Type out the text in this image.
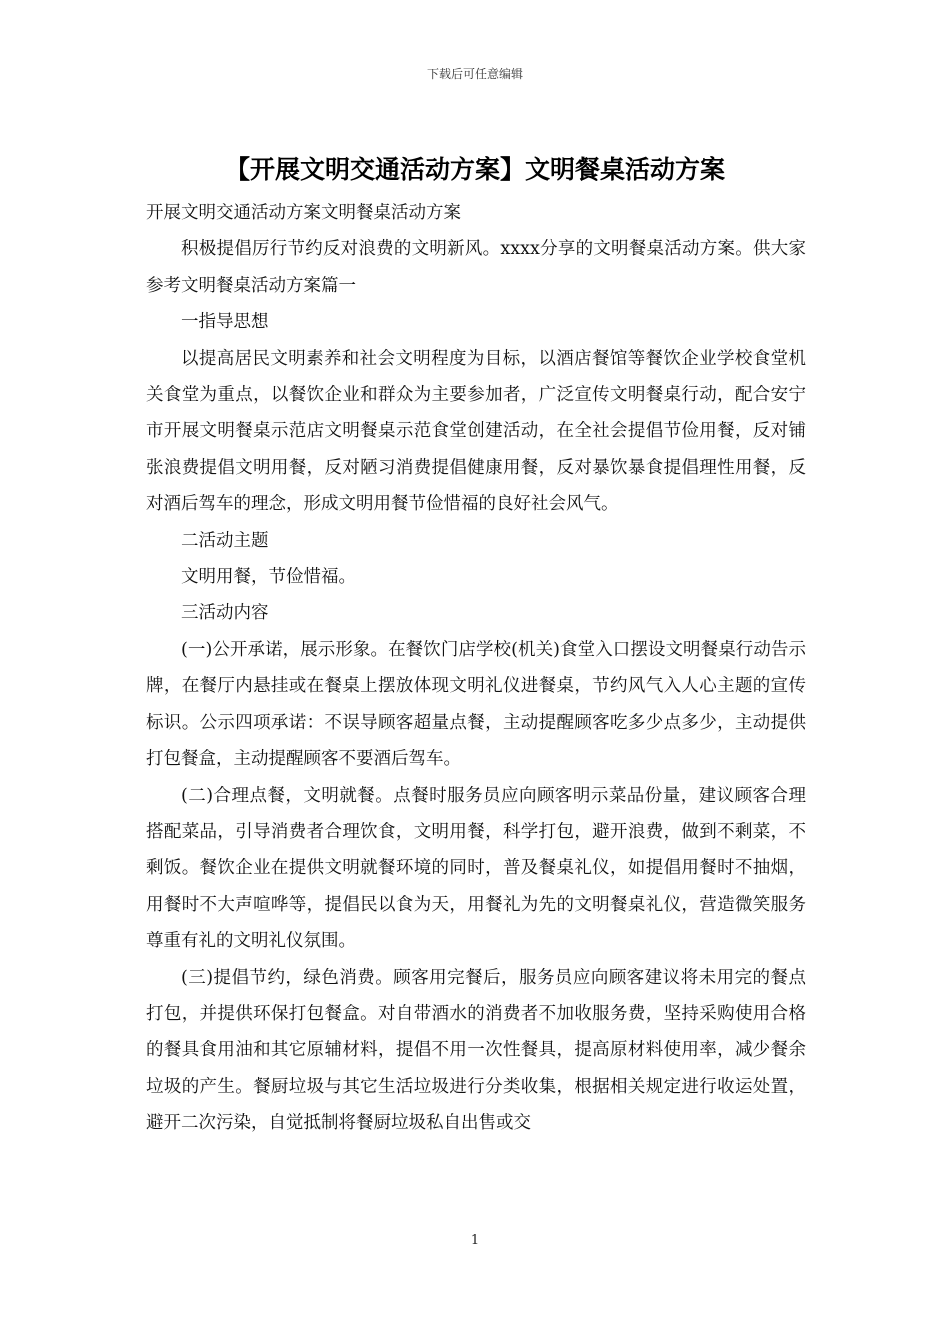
下载后可任意编辑
【开展文明交通活动方案】文明餐桌活动方案

开展文明交通活动方案文明餐桌活动方案

积极提倡厉行节约反对浪费的文明新风。xxxx分享的文明餐桌活动方案。供大家参考文明餐桌活动方案篇一

一指导思想

以提高居民文明素养和社会文明程度为目标，以酒店餐馆等餐饮企业学校食堂机关食堂为重点，以餐饮企业和群众为主要参加者，广泛宣传文明餐桌行动，配合安宁市开展文明餐桌示范店文明餐桌示范食堂创建活动，在全社会提倡节俭用餐，反对铺张浪费提倡文明用餐，反对陋习消费提倡健康用餐，反对暴饮暴食提倡理性用餐，反对酒后驾车的理念，形成文明用餐节俭惜福的良好社会风气。

二活动主题

文明用餐，节俭惜福。

三活动内容

(一)公开承诺，展示形象。在餐饮门店学校(机关)食堂入口摆设文明餐桌行动告示牌，在餐厅内悬挂或在餐桌上摆放体现文明礼仪进餐桌，节约风气入人心主题的宣传标识。公示四项承诺：不误导顾客超量点餐，主动提醒顾客吃多少点多少，主动提供打包餐盒，主动提醒顾客不要酒后驾车。

(二)合理点餐，文明就餐。点餐时服务员应向顾客明示菜品份量，建议顾客合理搭配菜品，引导消费者合理饮食，文明用餐，科学打包，避开浪费，做到不剩菜，不剩饭。餐饮企业在提供文明就餐环境的同时，普及餐桌礼仪，如提倡用餐时不抽烟，用餐时不大声喧哗等，提倡民以食为天，用餐礼为先的文明餐桌礼仪，营造微笑服务尊重有礼的文明礼仪氛围。

(三)提倡节约，绿色消费。顾客用完餐后，服务员应向顾客建议将未用完的餐点打包，并提供环保打包餐盒。对自带酒水的消费者不加收服务费，坚持采购使用合格的餐具食用油和其它原辅材料，提倡不用一次性餐具，提高原材料使用率，减少餐余垃圾的产生。餐厨垃圾与其它生活垃圾进行分类收集，根据相关规定进行收运处置，避开二次污染，自觉抵制将餐厨垃圾私自出售或交

1
